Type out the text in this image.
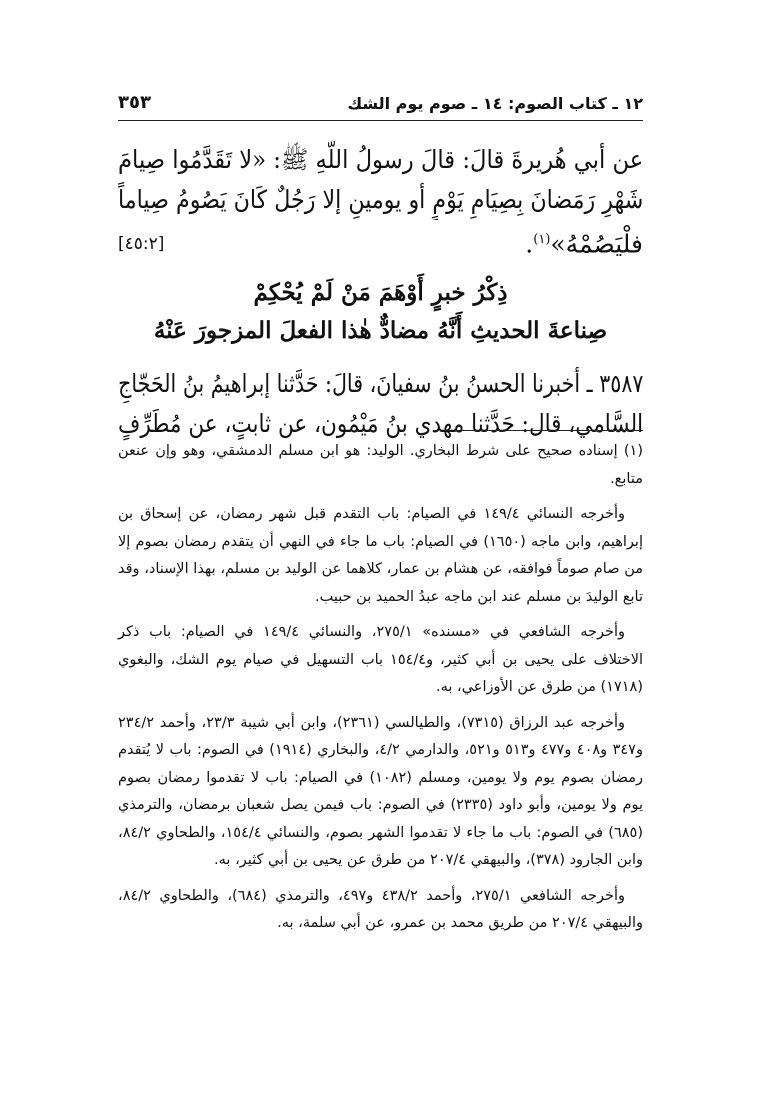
١٢ ـ كتاب الصوم: ١٤ ـ صوم يوم الشك
٣٥٣
عن أبي هُريرةَ قالَ: قالَ رسولُ اللَّهِ ﷺ: «لا تَقَدَّمُوا صِيامَ
شَهْرِ رَمَضانَ بِصِيَامِ يَوْمٍ أو يومينِ إلا رَجُلٌ كَانَ يَصُومُ صِياماً
فلْيَصُمْهُ»$^{(١)}$.
[٤٥:٢]
ذِكْرُ خبرٍ أَوْهَمَ مَنْ لَمْ يُحْكِمْ
صِناعةَ الحديثِ أَنَّهُ مضادٌّ هٰذا الفعلَ المزجورَ عَنْهُ
٣٥٨٧ ـ أخبرنا الحسنُ بنُ سفيانَ، قالَ: حَدَّثنا إبراهيمُ بنُ الحَجّاجِ
السَّامي، قال: حَدَّثنا مهدي بنُ مَيْمُون، عن ثابتٍ، عن مُطَرِّفٍ

(١) إسناده صحيح على شرط البخاري. الوليد: هو ابن مسلم الدمشقي، وهو وإن عنعن متابع.

وأخرجه النسائي ١٤٩/٤ في الصيام: باب التقدم قبل شهر رمضان، عن إسحاق بن إبراهيم، وابن ماجه (١٦٥٠) في الصيام: باب ما جاء في النهي أن يتقدم رمضان بصوم إلا من صام صوماً فوافقه، عن هشام بن عمار، كلاهما عن الوليد بن مسلم، بهذا الإسناد، وقد تابع الوليدَ بن مسلم عند ابن ماجه عبدُ الحميد بن حبيب.

وأخرجه الشافعي في «مسنده» ٢٧٥/١، والنسائي ١٤٩/٤ في الصيام: باب ذكر الاختلاف على يحيى بن أبي كثير، و١٥٤/٤ باب التسهيل في صيام يوم الشك، والبغوي (١٧١٨) من طرق عن الأوزاعي، به.

وأخرجه عبد الرزاق (٧٣١٥)، والطيالسي (٢٣٦١)، وابن أبي شيبة ٢٣/٣، وأحمد ٢٣٤/٢ و٣٤٧ و٤٠٨ و٤٧٧ و٥١٣ و٥٢١، والدارمي ٤/٢، والبخاري (١٩١٤) في الصوم: باب لا يُتقدم رمضان بصوم يوم ولا يومين، ومسلم (١٠٨٢) في الصيام: باب لا تقدموا رمضان بصوم يوم ولا يومين، وأبو داود (٢٣٣٥) في الصوم: باب فيمن يصل شعبان برمضان، والترمذي (٦٨٥) في الصوم: باب ما جاء لا تقدموا الشهر بصوم، والنسائي ١٥٤/٤، والطحاوي ٨٤/٢، وابن الجارود (٣٧٨)، والبيهقي ٢٠٧/٤ من طرق عن يحيى بن أبي كثير، به.

وأخرجه الشافعي ٢٧٥/١، وأحمد ٤٣٨/٢ و٤٩٧، والترمذي (٦٨٤)، والطحاوي ٨٤/٢، والبيهقي ٢٠٧/٤ من طريق محمد بن عمرو، عن أبي سلمة، به.
